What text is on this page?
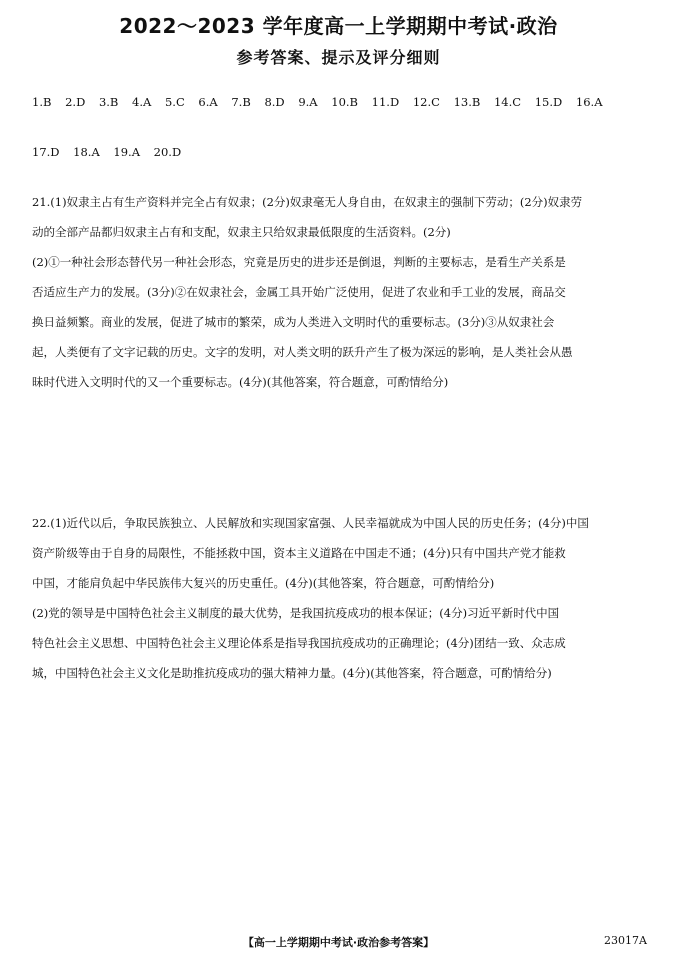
2022～2023 学年度高一上学期期中考试·政治
参考答案、提示及评分细则
1.B 2.D 3.B 4.A 5.C 6.A 7.B 8.D 9.A 10.B 11.D 12.C 13.B 14.C 15.D 16.A
17.D 18.A 19.A 20.D

21.(1)奴隶主占有生产资料并完全占有奴隶；(2分)奴隶毫无人身自由，在奴隶主的强制下劳动；(2分)奴隶劳

动的全部产品都归奴隶主占有和支配，奴隶主只给奴隶最低限度的生活资料。(2分)

(2)①一种社会形态替代另一种社会形态，究竟是历史的进步还是倒退，判断的主要标志，是看生产关系是

否适应生产力的发展。(3分)②在奴隶社会，金属工具开始广泛使用，促进了农业和手工业的发展，商品交

换日益频繁。商业的发展，促进了城市的繁荣，成为人类进入文明时代的重要标志。(3分)③从奴隶社会

起，人类便有了文字记载的历史。文字的发明，对人类文明的跃升产生了极为深远的影响，是人类社会从愚

昧时代进入文明时代的又一个重要标志。(4分)(其他答案，符合题意，可酌情给分)

22.(1)近代以后，争取民族独立、人民解放和实现国家富强、人民幸福就成为中国人民的历史任务；(4分)中国

资产阶级等由于自身的局限性，不能拯救中国，资本主义道路在中国走不通；(4分)只有中国共产党才能救

中国，才能肩负起中华民族伟大复兴的历史重任。(4分)(其他答案，符合题意，可酌情给分)

(2)党的领导是中国特色社会主义制度的最大优势，是我国抗疫成功的根本保证；(4分)习近平新时代中国

特色社会主义思想、中国特色社会主义理论体系是指导我国抗疫成功的正确理论；(4分)团结一致、众志成

城，中国特色社会主义文化是助推抗疫成功的强大精神力量。(4分)(其他答案，符合题意，可酌情给分)

【高一上学期期中考试·政治参考答案】	23017A
